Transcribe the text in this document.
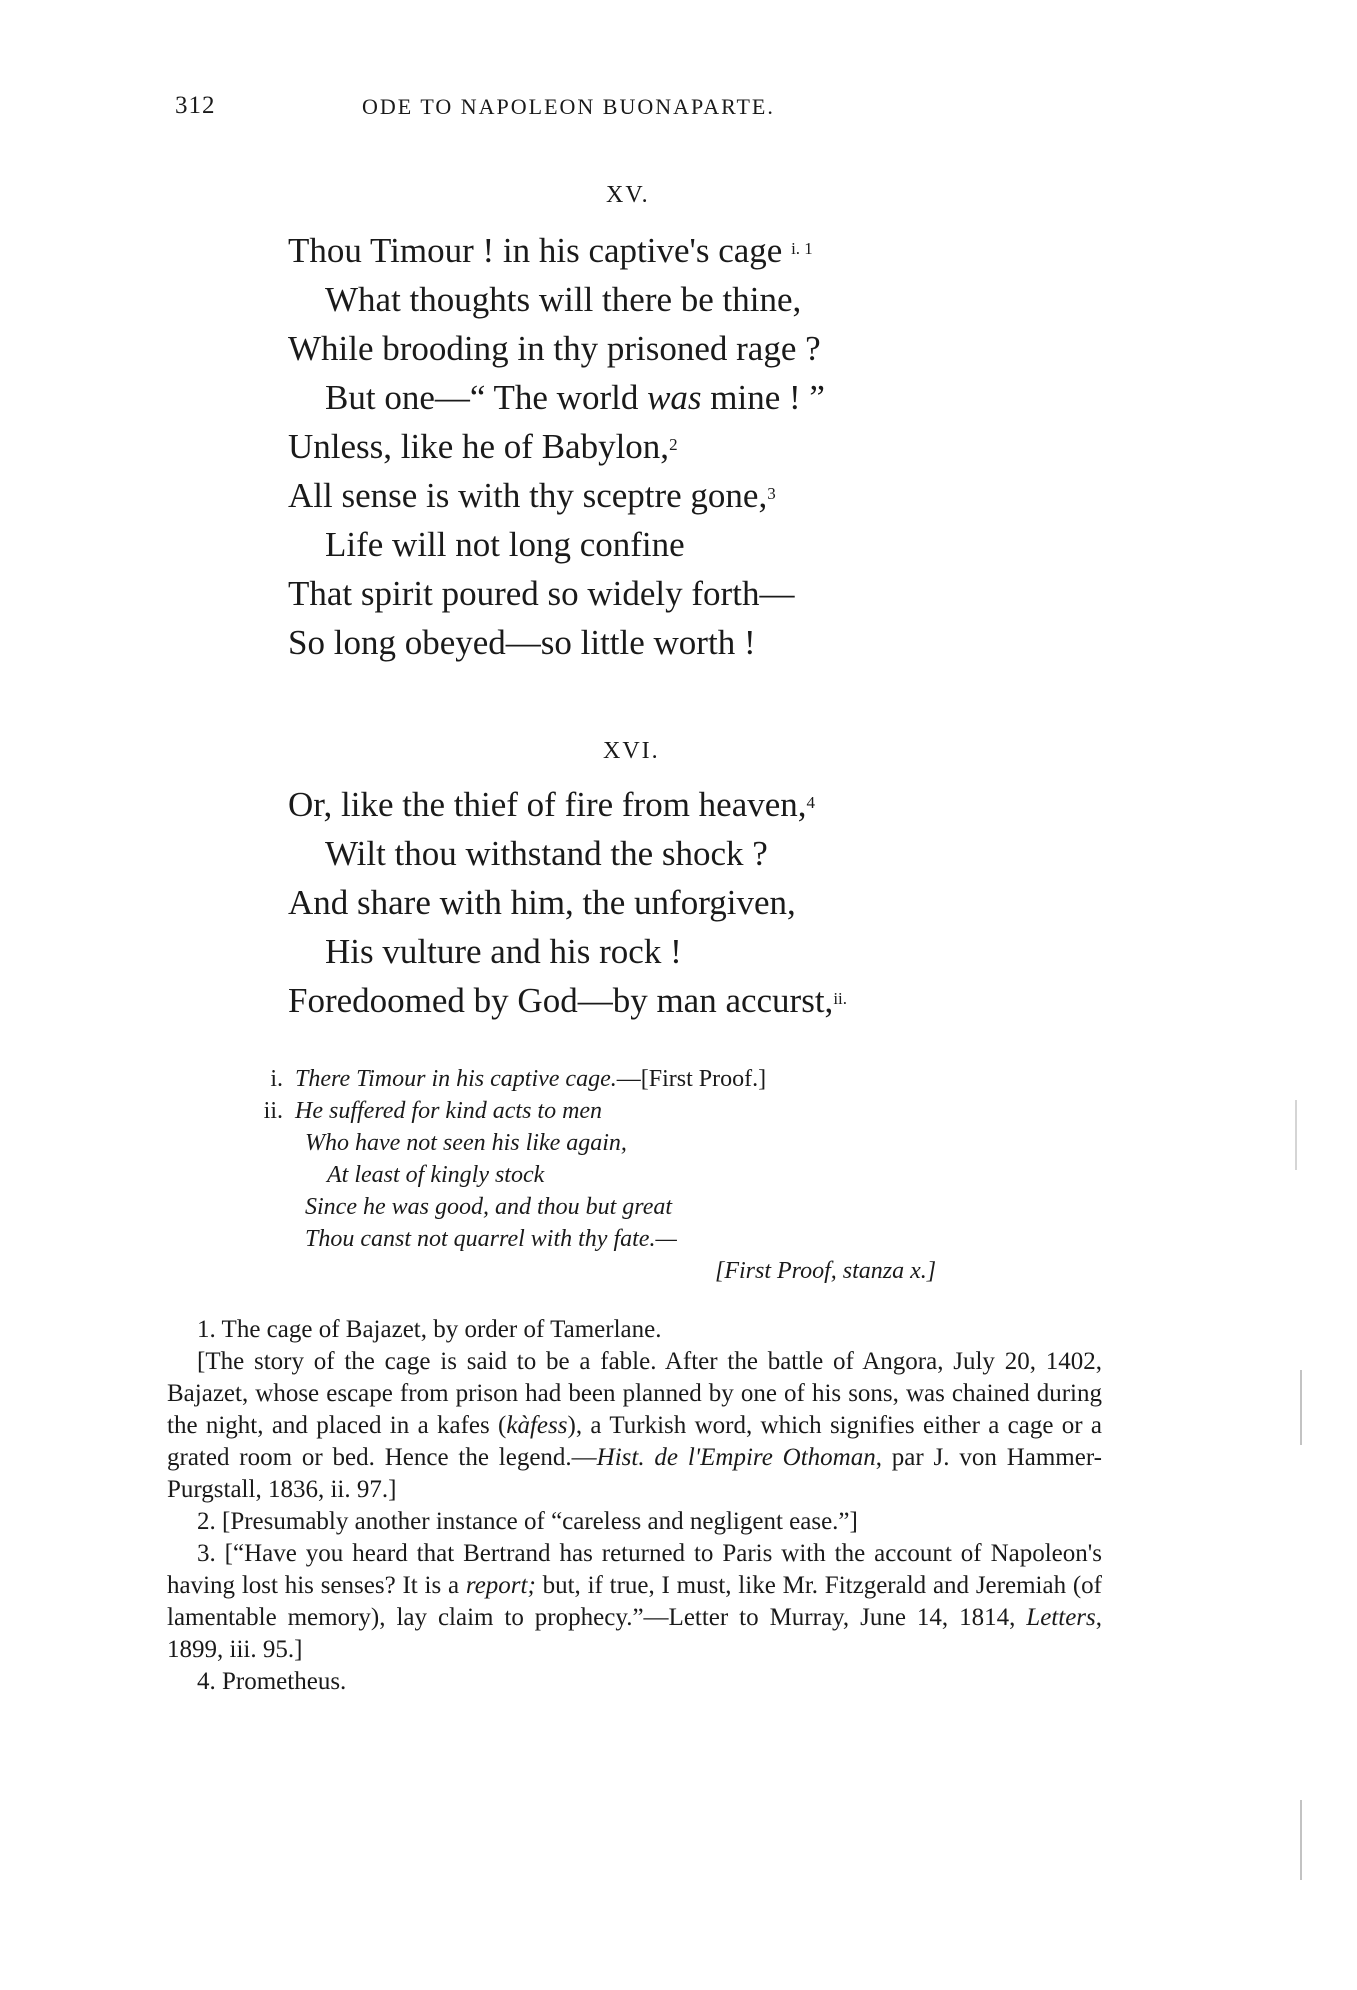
312	ODE TO NAPOLEON BUONAPARTE.
XV.
Thou Timour ! in his captive's cage $^{i. 1}$
What thoughts will there be thine,
While brooding in thy prisoned rage ?
But one—“ The world was mine ! ”
Unless, like he of Babylon,$^2$
All sense is with thy sceptre gone,$^3$
Life will not long confine
That spirit poured so widely forth—
So long obeyed—so little worth !
XVI.
Or, like the thief of fire from heaven,$^4$
Wilt thou withstand the shock ?
And share with him, the unforgiven,
His vulture and his rock !
Foredoomed by God—by man accurst,$^{ii.}$
i. There Timour in his captive cage.—[First Proof.]
ii. He suffered for kind acts to men
Who have not seen his like again,
At least of kingly stock
Since he was good, and thou but great
Thou canst not quarrel with thy fate.—
[First Proof, stanza x.]

1. The cage of Bajazet, by order of Tamerlane.

[The story of the cage is said to be a fable. After the battle of Angora, July 20, 1402, Bajazet, whose escape from prison had been planned by one of his sons, was chained during the night, and placed in a kafes (kàfess), a Turkish word, which signifies either a cage or a grated room or bed. Hence the legend.—Hist. de l'Empire Othoman, par J. von Hammer-Purgstall, 1836, ii. 97.]

2. [Presumably another instance of “careless and negligent ease.”]

3. [“Have you heard that Bertrand has returned to Paris with the account of Napoleon's having lost his senses? It is a report; but, if true, I must, like Mr. Fitzgerald and Jeremiah (of lamentable memory), lay claim to prophecy.”—Letter to Murray, June 14, 1814, Letters, 1899, iii. 95.]

4. Prometheus.
